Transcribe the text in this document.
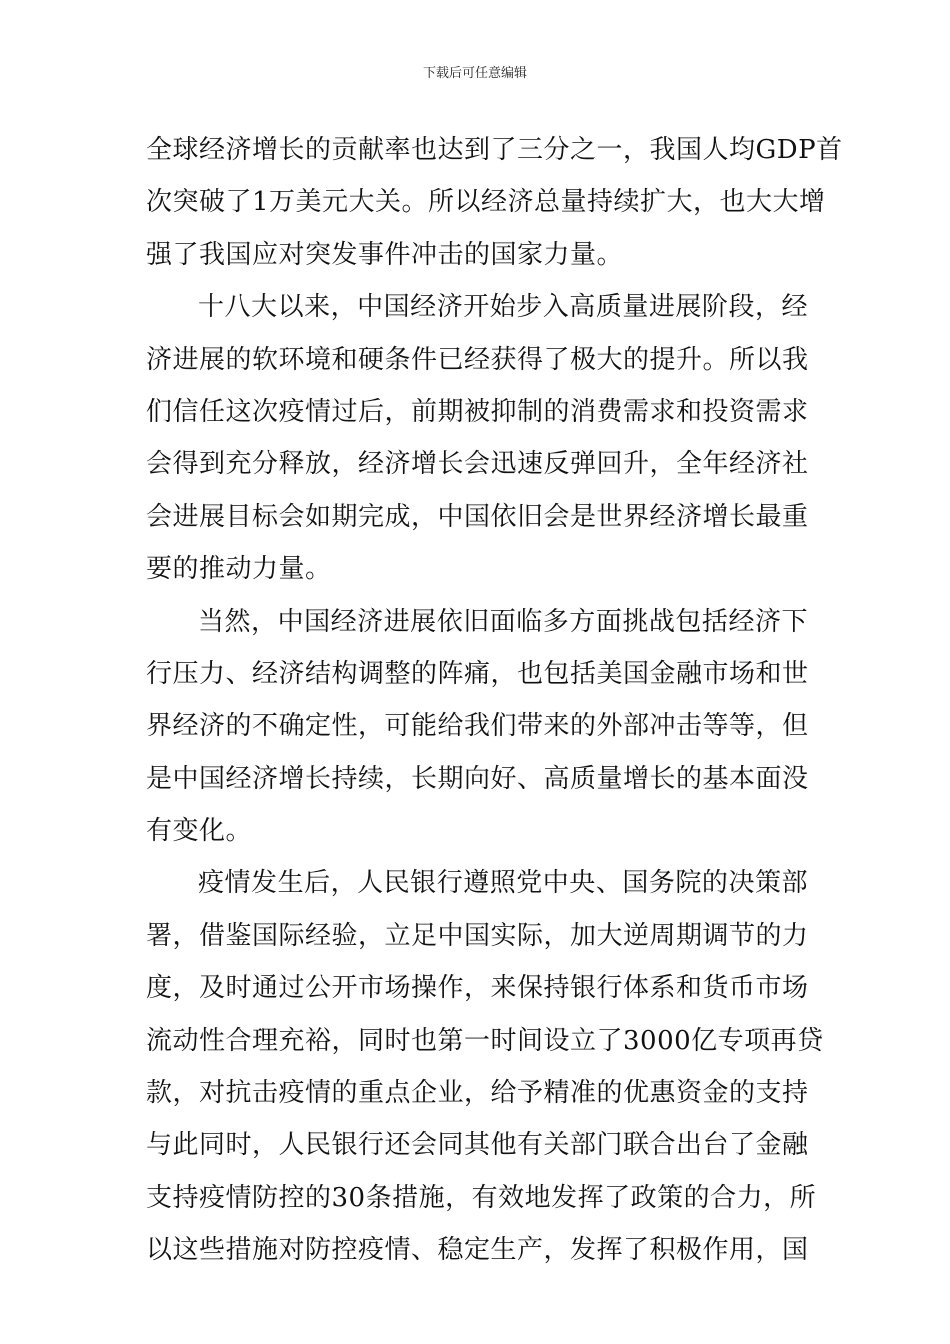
下载后可任意编辑
全球经济增长的贡献率也达到了三分之一，我国人均GDP首
次突破了1万美元大关。所以经济总量持续扩大，也大大增
强了我国应对突发事件冲击的国家力量。
十八大以来，中国经济开始步入高质量进展阶段，经
济进展的软环境和硬条件已经获得了极大的提升。所以我
们信任这次疫情过后，前期被抑制的消费需求和投资需求
会得到充分释放，经济增长会迅速反弹回升，全年经济社
会进展目标会如期完成，中国依旧会是世界经济增长最重
要的推动力量。
当然，中国经济进展依旧面临多方面挑战包括经济下
行压力、经济结构调整的阵痛，也包括美国金融市场和世
界经济的不确定性，可能给我们带来的外部冲击等等，但
是中国经济增长持续，长期向好、高质量增长的基本面没
有变化。
疫情发生后，人民银行遵照党中央、国务院的决策部
署，借鉴国际经验，立足中国实际，加大逆周期调节的力
度，及时通过公开市场操作，来保持银行体系和货币市场
流动性合理充裕，同时也第一时间设立了3000亿专项再贷
款，对抗击疫情的重点企业，给予精准的优惠资金的支持
与此同时，人民银行还会同其他有关部门联合出台了金融
支持疫情防控的30条措施，有效地发挥了政策的合力，所
以这些措施对防控疫情、稳定生产，发挥了积极作用，国
